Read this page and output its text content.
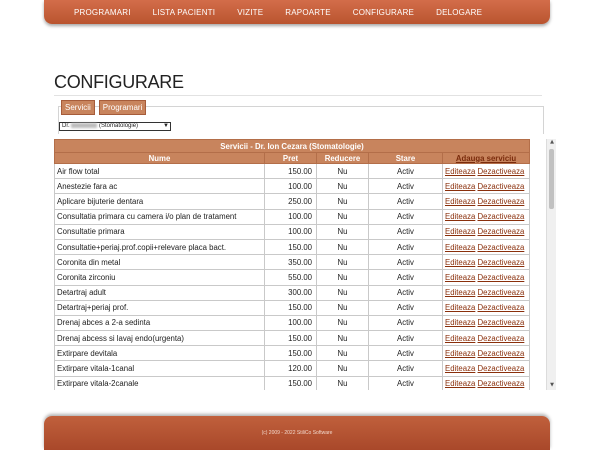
PROGRAMARI	LISTA PACIENTI	VIZITE	RAPOARTE	CONFIGURARE	DELOGARE
CONFIGURARE
Servicii	Programari
Dr.	(Stomatologie)	▼
Servicii - Dr. Ion Cezara (Stomatologie)				
Nume	Pret	Reducere	Stare	Adauga serviciu
Air flow total	150.00	Nu	Activ	Editeaza Dezactiveaza
Anestezie fara ac	100.00	Nu	Activ	Editeaza Dezactiveaza
Aplicare bijuterie dentara	250.00	Nu	Activ	Editeaza Dezactiveaza
Consultatia primara cu camera i/o plan de tratament	100.00	Nu	Activ	Editeaza Dezactiveaza
Consultatie primara	100.00	Nu	Activ	Editeaza Dezactiveaza
Consultatie+periaj.prof.copii+relevare placa bact.	150.00	Nu	Activ	Editeaza Dezactiveaza
Coronita din metal	350.00	Nu	Activ	Editeaza Dezactiveaza
Coronita zirconiu	550.00	Nu	Activ	Editeaza Dezactiveaza
Detartraj adult	300.00	Nu	Activ	Editeaza Dezactiveaza
Detartraj+periaj prof.	150.00	Nu	Activ	Editeaza Dezactiveaza
Drenaj abces a 2-a sedinta	100.00	Nu	Activ	Editeaza Dezactiveaza
Drenaj abcess si lavaj endo(urgenta)	150.00	Nu	Activ	Editeaza Dezactiveaza
Extirpare devitala	150.00	Nu	Activ	Editeaza Dezactiveaza
Extirpare vitala-1canal	120.00	Nu	Activ	Editeaza Dezactiveaza
Extirpare vitala-2canale	150.00	Nu	Activ	Editeaza Dezactiveaza
▲
▼
(c) 2009 - 2022 StiliCo Software
